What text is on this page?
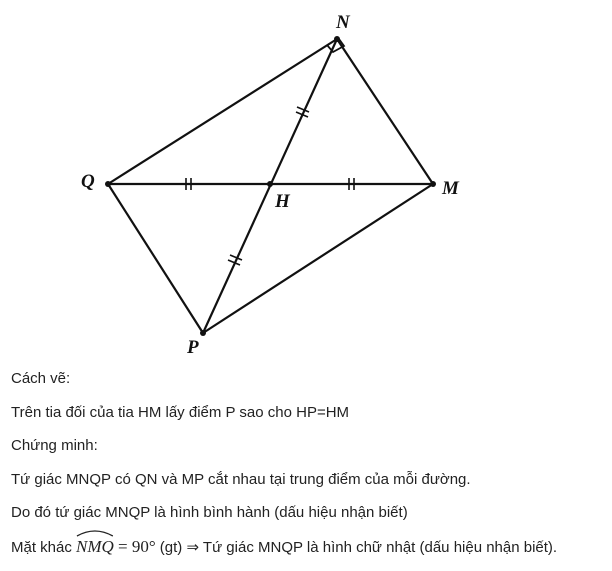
N
M
Q
H
P

Cách vẽ:

Trên tia đối của tia HM lấy điểm P sao cho HP=HM

Chứng minh:

Tứ giác MNQP có QN và MP cắt nhau tại trung điểm của mỗi đường.

Do đó tứ giác MNQP là hình bình hành (dấu hiệu nhận biết)

Mặt khác NMQ = 90° (gt) ⇒ Tứ giác MNQP là hình chữ nhật (dấu hiệu nhận biết).
